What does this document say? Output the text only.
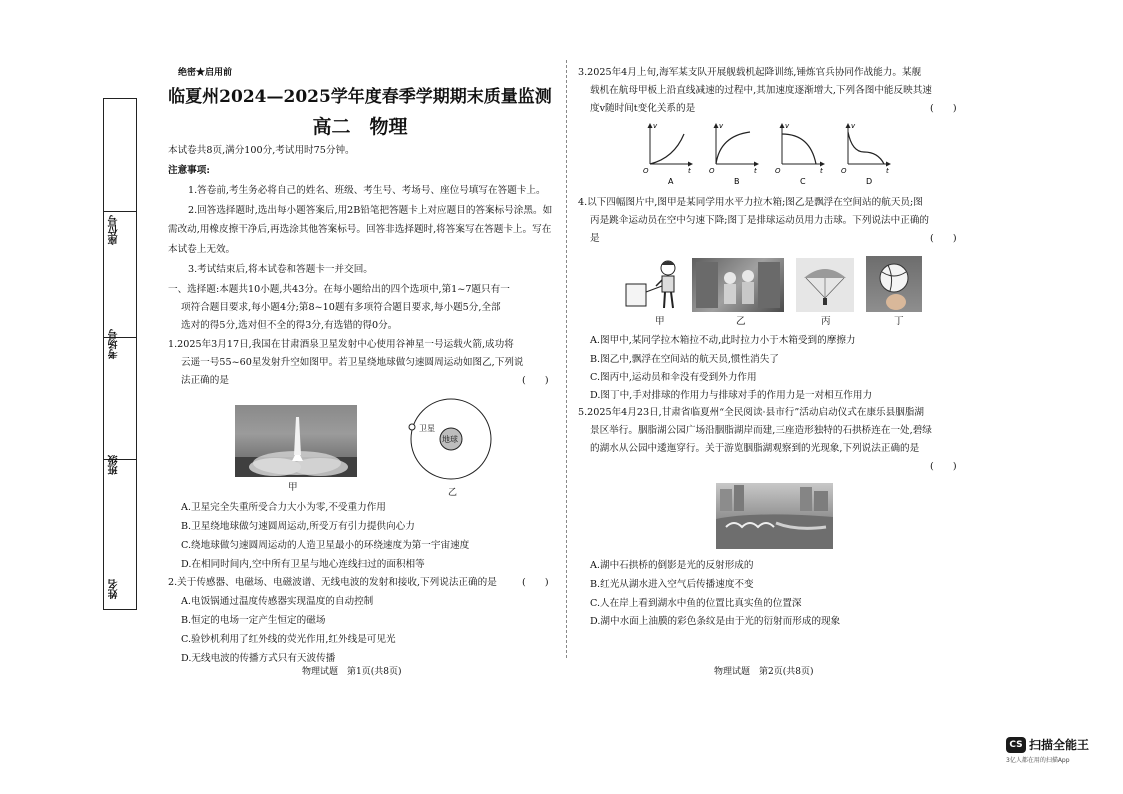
座位号
考场号
班级
姓名
绝密★启用前
临夏州2024—2025学年度春季学期期末质量监测
高二　物理
本试卷共8页,满分100分,考试用时75分钟。
注意事项:
1.答卷前,考生务必将自己的姓名、班级、考生号、考场号、座位号填写在答题卡上。
2.回答选择题时,选出每小题答案后,用2B铅笔把答题卡上对应题目的答案标号涂黑。如
需改动,用橡皮擦干净后,再选涂其他答案标号。回答非选择题时,将答案写在答题卡上。写在
本试卷上无效。
3.考试结束后,将本试卷和答题卡一并交回。
一、选择题:本题共10小题,共43分。在每小题给出的四个选项中,第1~7题只有一
项符合题目要求,每小题4分;第8~10题有多项符合题目要求,每小题5分,全部
选对的得5分,选对但不全的得3分,有选错的得0分。
1.2025年3月17日,我国在甘肃酒泉卫星发射中心使用谷神星一号运载火箭,成功将
云遥一号55~60星发射升空如图甲。若卫星绕地球做匀速圆周运动如图乙,下列说
法正确的是	(　　)
甲
卫星
地球
乙
A.卫星完全失重所受合力大小为零,不受重力作用
B.卫星绕地球做匀速圆周运动,所受万有引力提供向心力
C.绕地球做匀速圆周运动的人造卫星最小的环绕速度为第一宇宙速度
D.在相同时间内,空中所有卫星与地心连线扫过的面积相等
2.关于传感器、电磁场、电磁波谱、无线电波的发射和接收,下列说法正确的是	(　　)
A.电饭锅通过温度传感器实现温度的自动控制
B.恒定的电场一定产生恒定的磁场
C.验钞机利用了红外线的荧光作用,红外线是可见光
D.无线电波的传播方式只有天波传播
物理试题　第1页(共8页)
3.2025年4月上旬,海军某支队开展舰载机起降训练,锤炼官兵协同作战能力。某舰
载机在航母甲板上沿直线减速的过程中,其加速度逐渐增大,下列各图中能反映其速
度v随时间t变化关系的是	(　　)
v
t
O
A
v
t
O
B
v
t
O
C
v
t
O
D
4.以下四幅图片中,图甲是某同学用水平力拉木箱;图乙是飘浮在空间站的航天员;图
丙是跳伞运动员在空中匀速下降;图丁是排球运动员用力击球。下列说法中正确的
是	(　　)
甲	乙	丙	丁
A.图甲中,某同学拉木箱拉不动,此时拉力小于木箱受到的摩擦力
B.图乙中,飘浮在空间站的航天员,惯性消失了
C.图丙中,运动员和伞没有受到外力作用
D.图丁中,手对排球的作用力与排球对手的作用力是一对相互作用力
5.2025年4月23日,甘肃省临夏州“全民阅读·县市行”活动启动仪式在康乐县胭脂湖
景区举行。胭脂湖公园广场沿胭脂湖岸而建,三座造形独特的石拱桥连在一处,碧绿
的湖水从公园中逶迤穿行。关于游览胭脂湖观察到的光现象,下列说法正确的是
(　　)
A.湖中石拱桥的倒影是光的反射形成的
B.红光从湖水进入空气后传播速度不变
C.人在岸上看到湖水中鱼的位置比真实鱼的位置深
D.湖中水面上油膜的彩色条纹是由于光的衍射而形成的现象
物理试题　第2页(共8页)
CS 扫描全能王
3亿人都在用的扫描App
